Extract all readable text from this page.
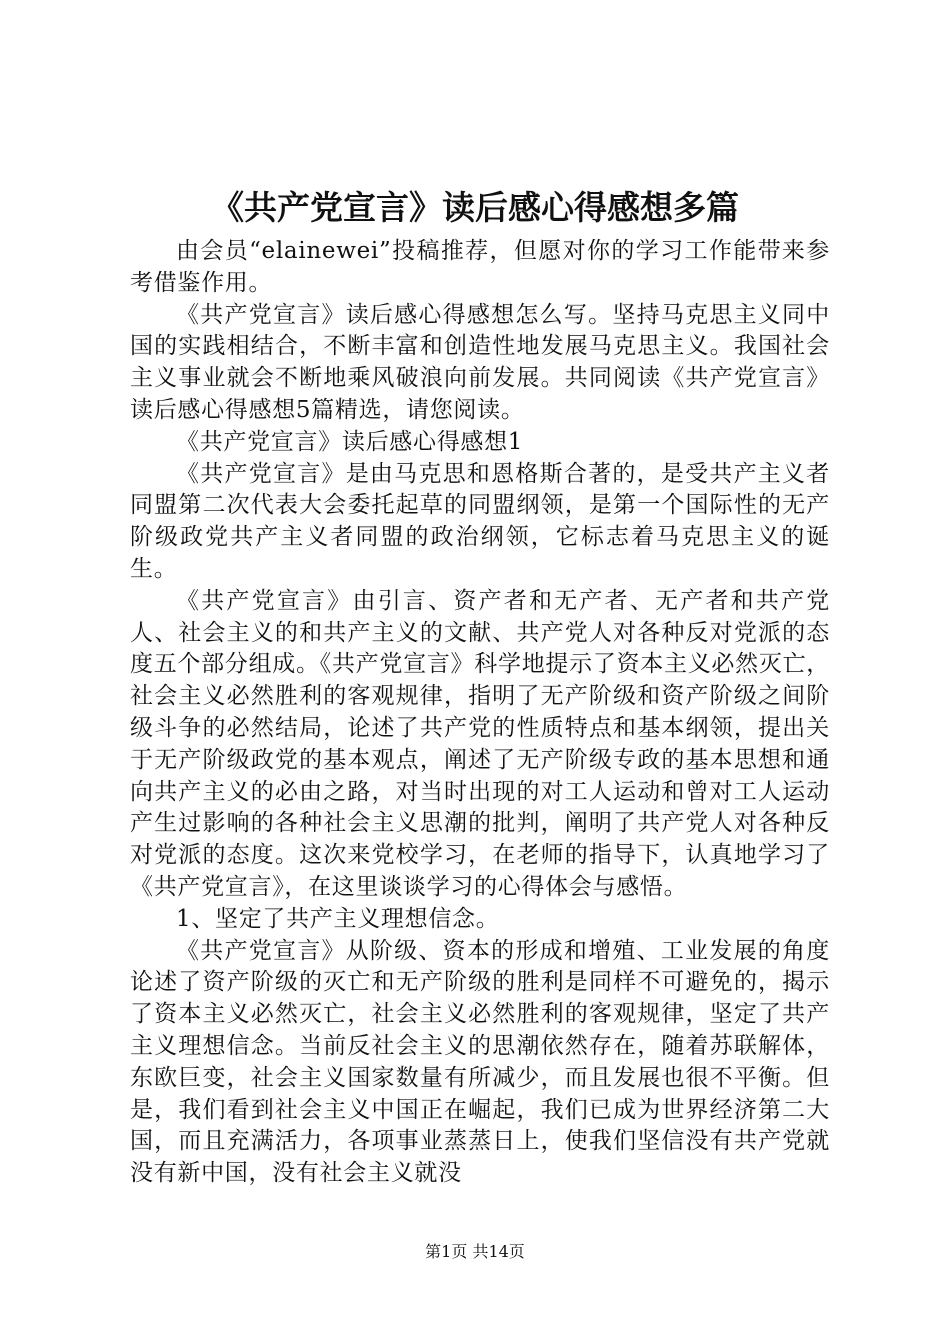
《共产党宣言》读后感心得感想多篇

由会员“elainewei”投稿推荐，但愿对你的学习工作能带来参考借鉴作用。

《共产党宣言》读后感心得感想怎么写。坚持马克思主义同中国的实践相结合，不断丰富和创造性地发展马克思主义。我国社会主义事业就会不断地乘风破浪向前发展。共同阅读《共产党宣言》读后感心得感想5篇精选，请您阅读。

《共产党宣言》读后感心得感想1

《共产党宣言》是由马克思和恩格斯合著的，是受共产主义者同盟第二次代表大会委托起草的同盟纲领，是第一个国际性的无产阶级政党共产主义者同盟的政治纲领，它标志着马克思主义的诞生。

《共产党宣言》由引言、资产者和无产者、无产者和共产党人、社会主义的和共产主义的文献、共产党人对各种反对党派的态度五个部分组成。《共产党宣言》科学地提示了资本主义必然灭亡，社会主义必然胜利的客观规律，指明了无产阶级和资产阶级之间阶级斗争的必然结局，论述了共产党的性质特点和基本纲领，提出关于无产阶级政党的基本观点，阐述了无产阶级专政的基本思想和通向共产主义的必由之路，对当时出现的对工人运动和曾对工人运动产生过影响的各种社会主义思潮的批判，阐明了共产党人对各种反对党派的态度。这次来党校学习，在老师的指导下，认真地学习了《共产党宣言》，在这里谈谈学习的心得体会与感悟。

1、坚定了共产主义理想信念。

《共产党宣言》从阶级、资本的形成和增殖、工业发展的角度论述了资产阶级的灭亡和无产阶级的胜利是同样不可避免的，揭示了资本主义必然灭亡，社会主义必然胜利的客观规律，坚定了共产主义理想信念。当前反社会主义的思潮依然存在，随着苏联解体，东欧巨变，社会主义国家数量有所减少，而且发展也很不平衡。但是，我们看到社会主义中国正在崛起，我们已成为世界经济第二大国，而且充满活力，各项事业蒸蒸日上，使我们坚信没有共产党就没有新中国，没有社会主义就没

第1页 共14页
